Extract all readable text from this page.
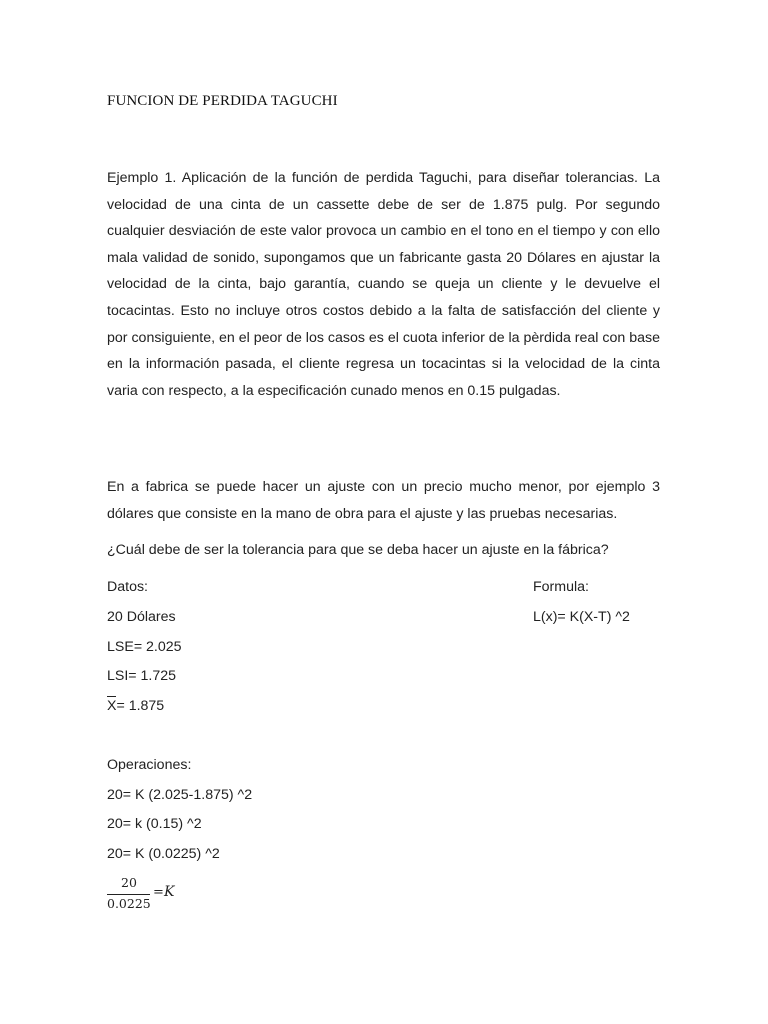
FUNCION DE PERDIDA TAGUCHI

Ejemplo 1. Aplicación de la función de perdida Taguchi, para diseñar tolerancias. La velocidad de una cinta de un cassette debe de ser de 1.875 pulg. Por segundo cualquier desviación de este valor provoca un cambio en el tono en el tiempo y con ello mala validad de sonido, supongamos que un fabricante gasta 20 Dólares en ajustar la velocidad de la cinta, bajo garantía, cuando se queja un cliente y le devuelve el tocacintas. Esto no incluye otros costos debido a la falta de satisfacción del cliente y por consiguiente, en el peor de los casos es el cuota inferior de la pèrdida real con base en la información pasada, el cliente regresa un tocacintas si la velocidad de la cinta varia con respecto, a la especificación cunado menos en 0.15 pulgadas.

En a fabrica se puede hacer un ajuste con un precio mucho menor, por ejemplo 3 dólares que consiste en la mano de obra para el ajuste y las pruebas necesarias.

¿Cuál debe de ser la tolerancia para que se deba hacer un ajuste en la fábrica?
Datos:	Formula:
20 Dólares	L(x)= K(X-T) ^2
LSE= 2.025
LSI= 1.725
X= 1.875
Operaciones:
20= K (2.025-1.875) ^2
20= k (0.15) ^2
20= K (0.0225) ^2
20
0.0225
= K
